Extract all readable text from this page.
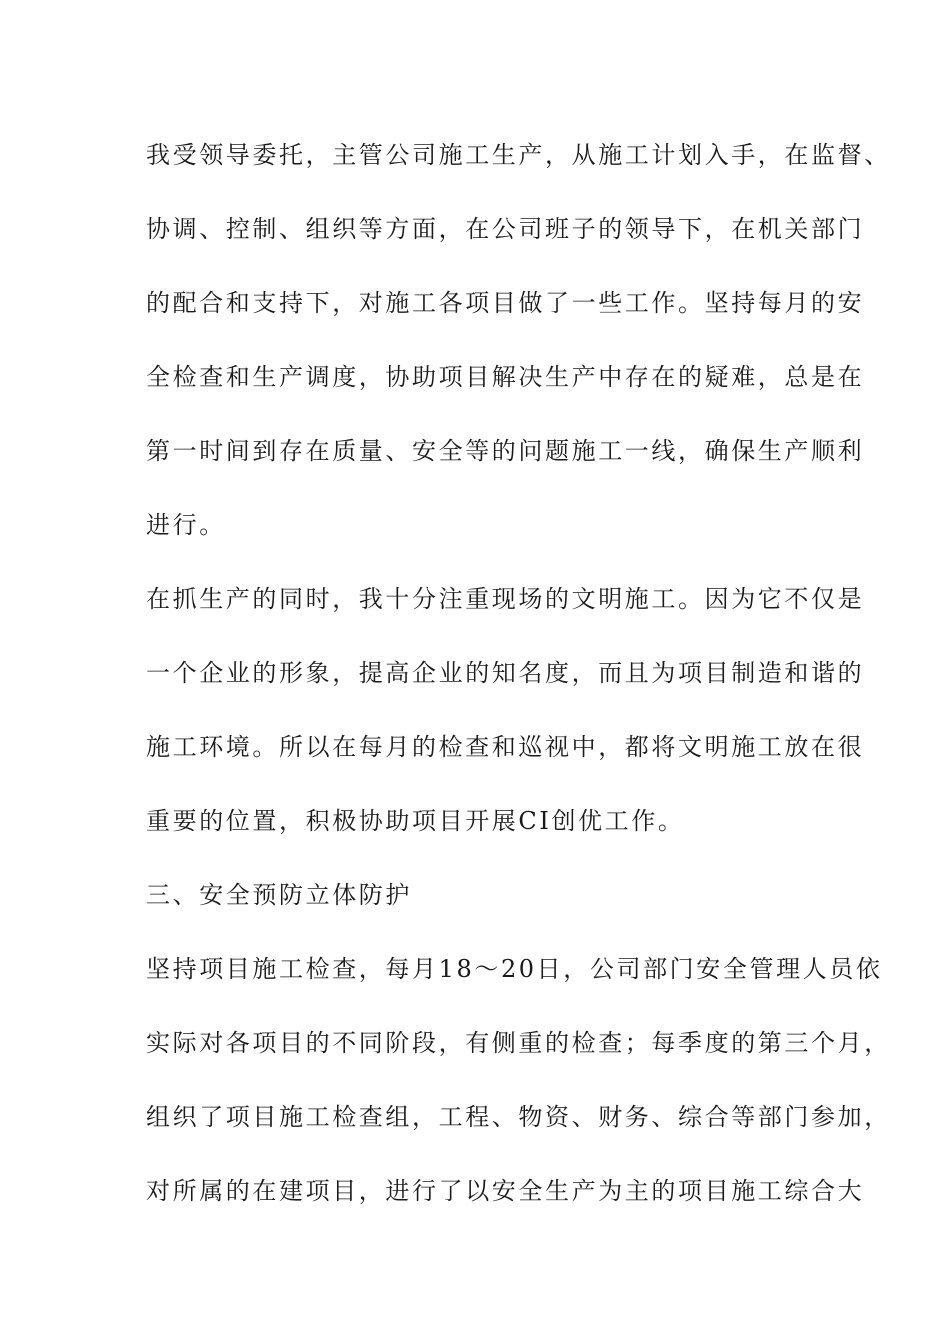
我受领导委托，主管公司施工生产，从施工计划入手，在监督、
协调、控制、组织等方面，在公司班子的领导下，在机关部门
的配合和支持下，对施工各项目做了一些工作。坚持每月的安
全检查和生产调度，协助项目解决生产中存在的疑难，总是在
第一时间到存在质量、安全等的问题施工一线，确保生产顺利
进行。
在抓生产的同时，我十分注重现场的文明施工。因为它不仅是
一个企业的形象，提高企业的知名度，而且为项目制造和谐的
施工环境。所以在每月的检查和巡视中，都将文明施工放在很
重要的位置，积极协助项目开展CI创优工作。
三、安全预防立体防护
坚持项目施工检查，每月18～20日，公司部门安全管理人员依
实际对各项目的不同阶段，有侧重的检查；每季度的第三个月，
组织了项目施工检查组，工程、物资、财务、综合等部门参加，
对所属的在建项目，进行了以安全生产为主的项目施工综合大
